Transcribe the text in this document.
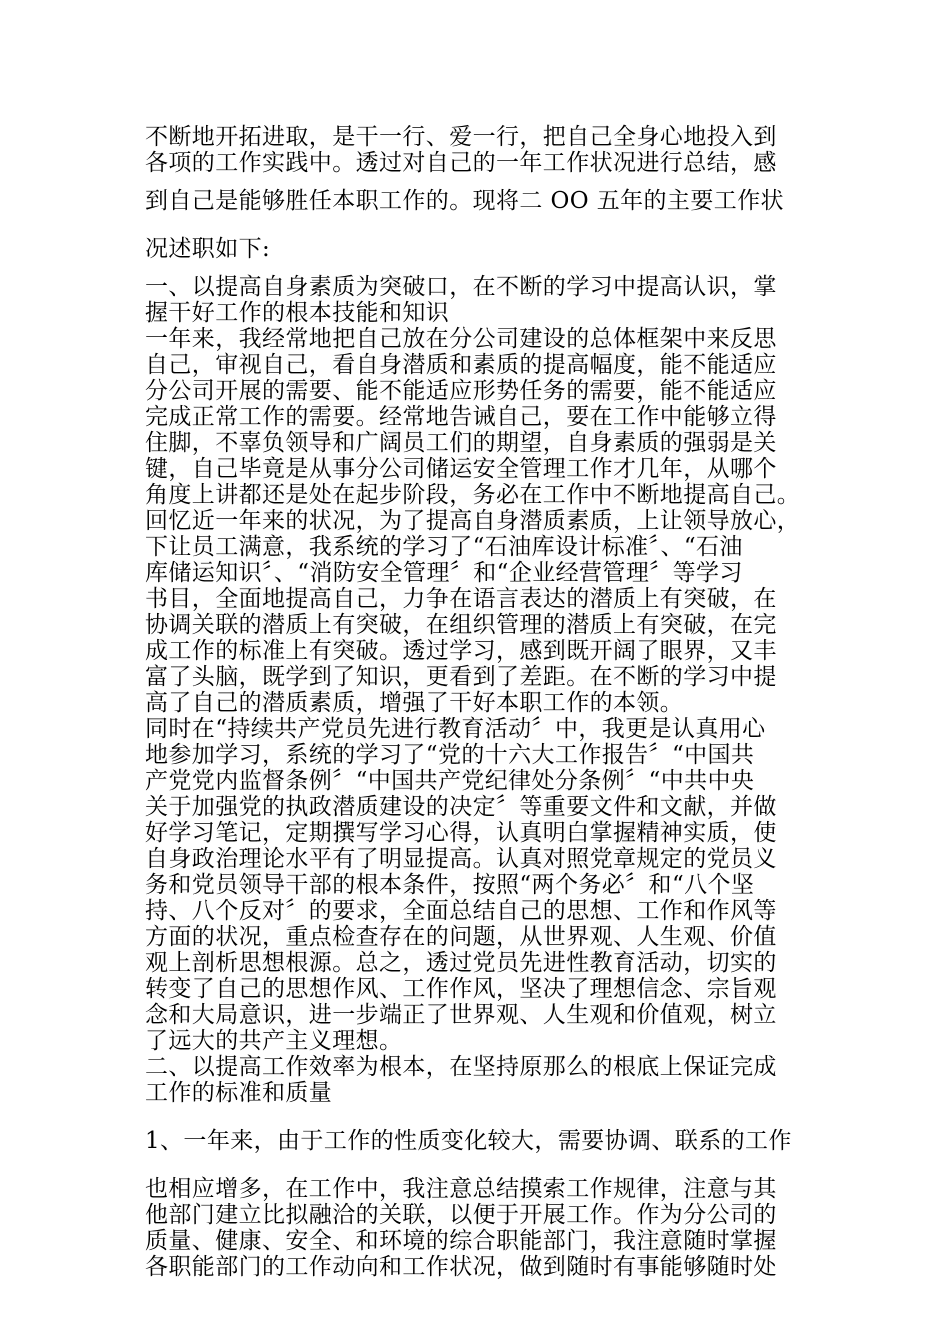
不断地开拓进取，是干一行、爱一行，把自己全身心地投入到
各项的工作实践中。透过对自己的一年工作状况进行总结，感
到自己是能够胜任本职工作的。现将二 OO 五年的主要工作状
况述职如下:
一、以提高自身素质为突破口，在不断的学习中提高认识，掌
握干好工作的根本技能和知识
一年来，我经常地把自己放在分公司建设的总体框架中来反思
自己，审视自己，看自身潜质和素质的提高幅度，能不能适应
分公司开展的需要、能不能适应形势任务的需要，能不能适应
完成正常工作的需要。经常地告诫自己，要在工作中能够立得
住脚，不辜负领导和广阔员工们的期望，自身素质的强弱是关
键，自己毕竟是从事分公司储运安全管理工作才几年，从哪个
角度上讲都还是处在起步阶段，务必在工作中不断地提高自己。
回忆近一年来的状况，为了提高自身潜质素质，上让领导放心，
下让员工满意，我系统的学习了“石油库设计标准〞、“石油
库储运知识〞、“消防安全管理〞和“企业经营管理〞等学习
书目，全面地提高自己，力争在语言表达的潜质上有突破，在
协调关联的潜质上有突破，在组织管理的潜质上有突破，在完
成工作的标准上有突破。透过学习，感到既开阔了眼界，又丰
富了头脑，既学到了知识，更看到了差距。在不断的学习中提
高了自己的潜质素质，增强了干好本职工作的本领。
同时在“持续共产党员先进行教育活动〞中，我更是认真用心
地参加学习，系统的学习了“党的十六大工作报告〞“中国共
产党党内监督条例〞“中国共产党纪律处分条例〞“中共中央
关于加强党的执政潜质建设的决定〞等重要文件和文献，并做
好学习笔记，定期撰写学习心得，认真明白掌握精神实质，使
自身政治理论水平有了明显提高。认真对照党章规定的党员义
务和党员领导干部的根本条件，按照“两个务必〞和“八个坚
持、八个反对〞的要求，全面总结自己的思想、工作和作风等
方面的状况，重点检查存在的问题，从世界观、人生观、价值
观上剖析思想根源。总之，透过党员先进性教育活动，切实的
转变了自己的思想作风、工作作风，坚决了理想信念、宗旨观
念和大局意识，进一步端正了世界观、人生观和价值观，树立
了远大的共产主义理想。
二、以提高工作效率为根本，在坚持原那么的根底上保证完成
工作的标准和质量
1、一年来，由于工作的性质变化较大，需要协调、联系的工作
也相应增多，在工作中，我注意总结摸索工作规律，注意与其
他部门建立比拟融洽的关联，以便于开展工作。作为分公司的
质量、健康、安全、和环境的综合职能部门，我注意随时掌握
各职能部门的工作动向和工作状况，做到随时有事能够随时处
